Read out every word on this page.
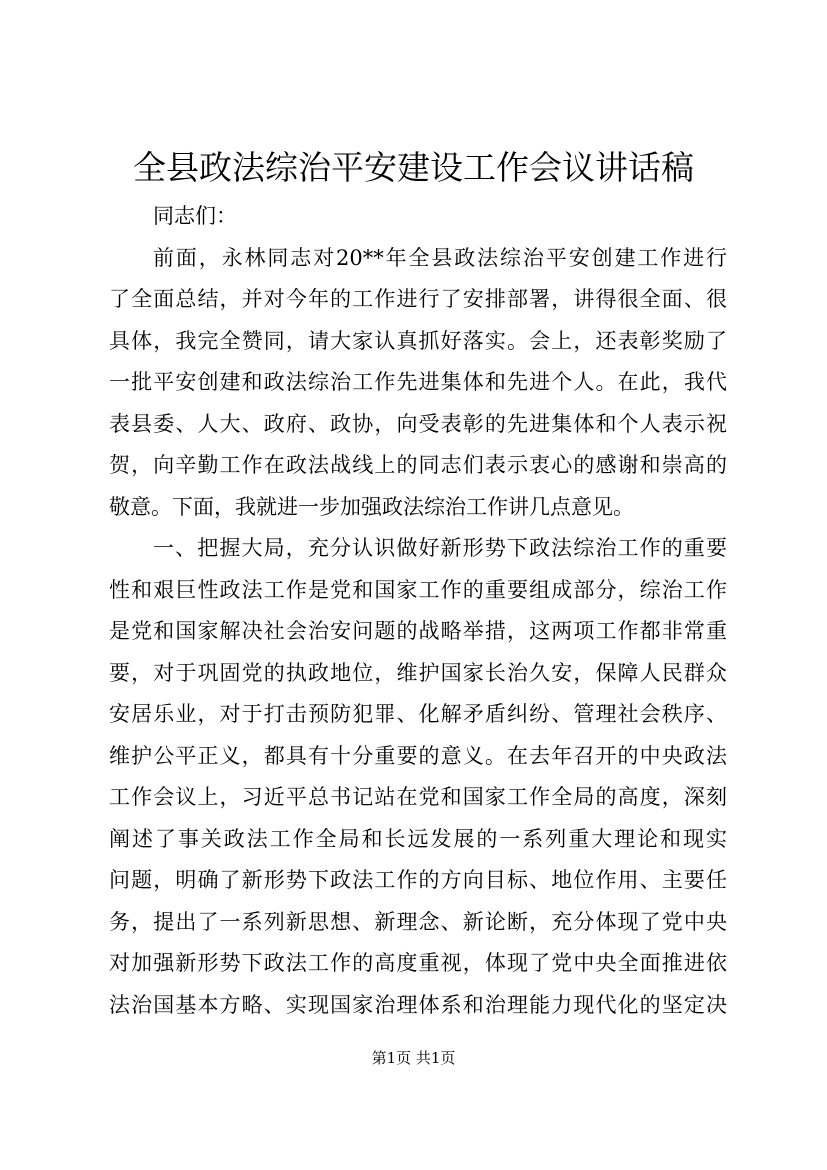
全县政法综治平安建设工作会议讲话稿
同志们：
前面，永林同志对20**年全县政法综治平安创建工作进行
了全面总结，并对今年的工作进行了安排部署，讲得很全面、很
具体，我完全赞同，请大家认真抓好落实。会上，还表彰奖励了
一批平安创建和政法综治工作先进集体和先进个人。在此，我代
表县委、人大、政府、政协，向受表彰的先进集体和个人表示祝
贺，向辛勤工作在政法战线上的同志们表示衷心的感谢和崇高的
敬意。下面，我就进一步加强政法综治工作讲几点意见。
一、把握大局，充分认识做好新形势下政法综治工作的重要
性和艰巨性政法工作是党和国家工作的重要组成部分，综治工作
是党和国家解决社会治安问题的战略举措，这两项工作都非常重
要，对于巩固党的执政地位，维护国家长治久安，保障人民群众
安居乐业，对于打击预防犯罪、化解矛盾纠纷、管理社会秩序、
维护公平正义，都具有十分重要的意义。在去年召开的中央政法
工作会议上，习近平总书记站在党和国家工作全局的高度，深刻
阐述了事关政法工作全局和长远发展的一系列重大理论和现实
问题，明确了新形势下政法工作的方向目标、地位作用、主要任
务，提出了一系列新思想、新理念、新论断，充分体现了党中央
对加强新形势下政法工作的高度重视，体现了党中央全面推进依
法治国基本方略、实现国家治理体系和治理能力现代化的坚定决
第1页 共1页
